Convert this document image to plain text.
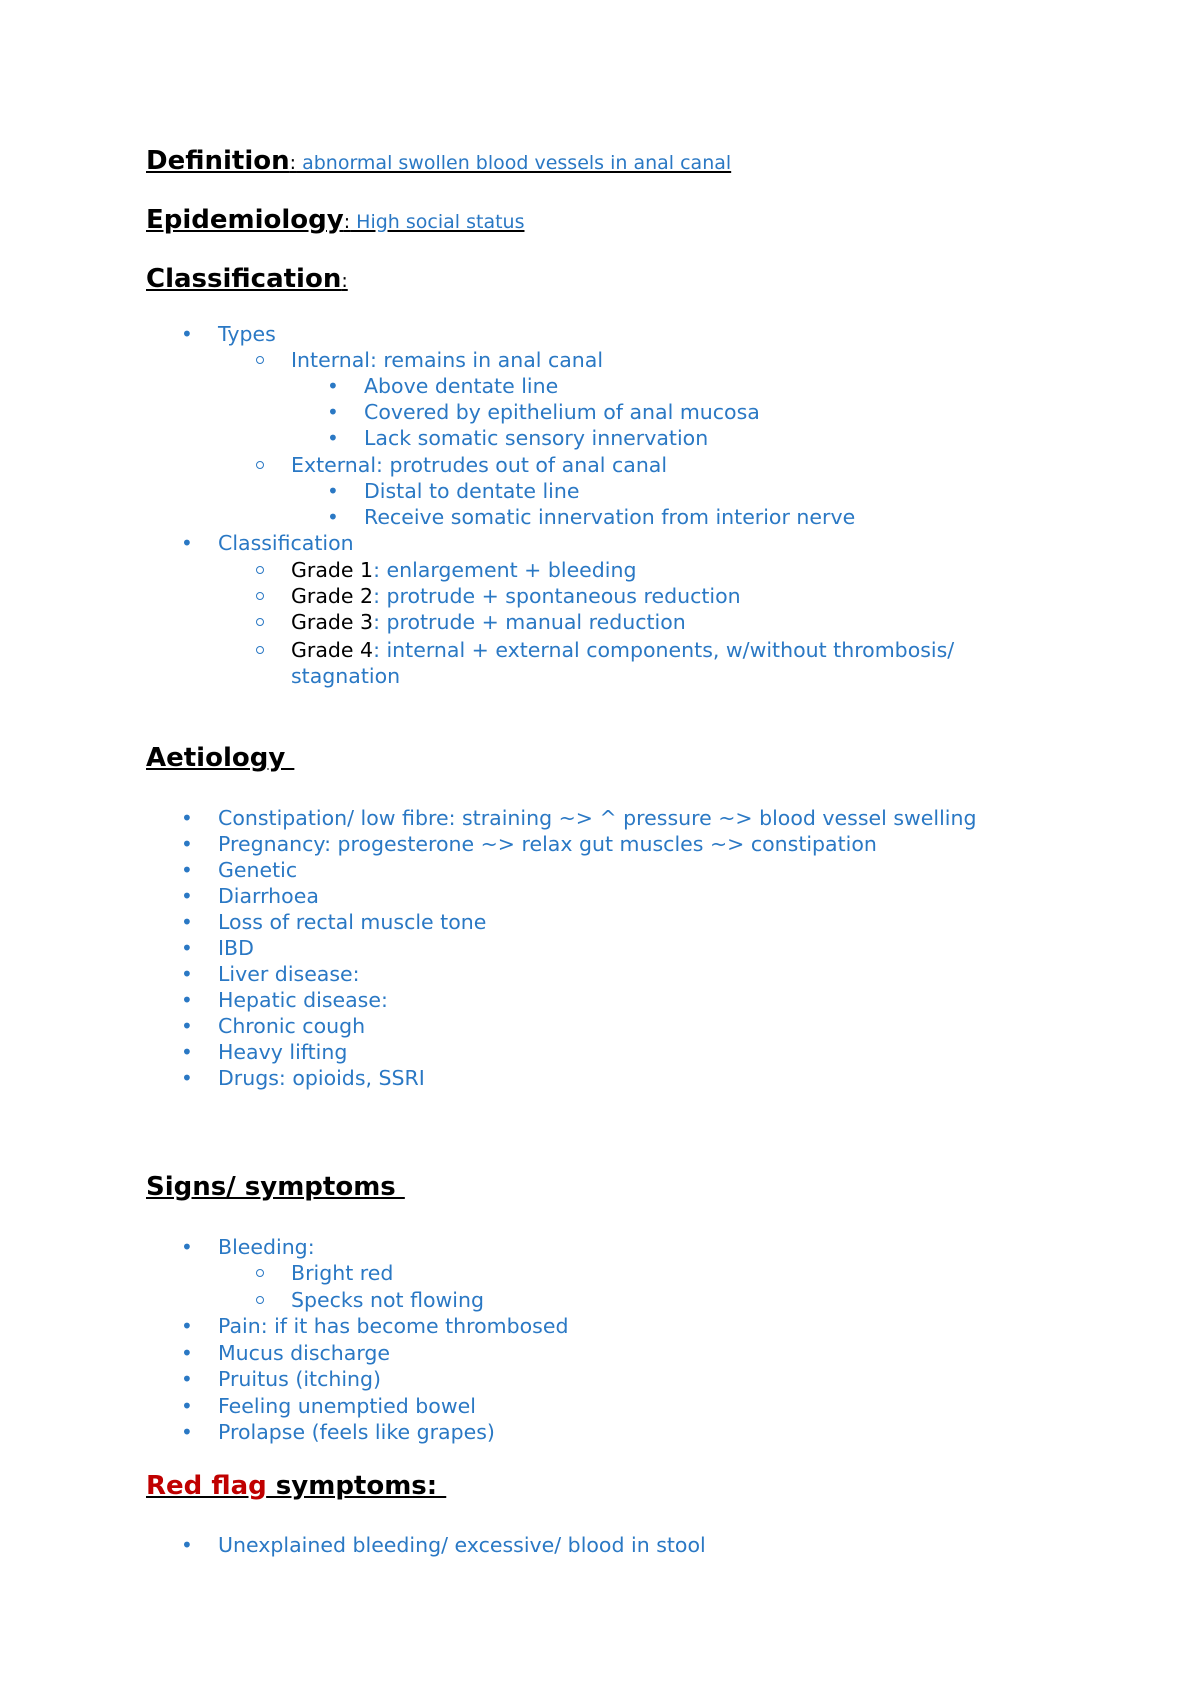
Definition: abnormal swollen blood vessels in anal canal
Epidemiology: High social status
Classification:
• Types
Internal: remains in anal canal
• Above dentate line
• Covered by epithelium of anal mucosa
• Lack somatic sensory innervation
External: protrudes out of anal canal
• Distal to dentate line
• Receive somatic innervation from interior nerve
• Classification
Grade 1: enlargement + bleeding
Grade 2: protrude + spontaneous reduction
Grade 3: protrude + manual reduction
Grade 4: internal + external components, w/without thrombosis/
stagnation
Aetiology
• Constipation/ low fibre: straining ~> ^ pressure ~> blood vessel swelling
• Pregnancy: progesterone ~> relax gut muscles ~> constipation
• Genetic
• Diarrhoea
• Loss of rectal muscle tone
• IBD
• Liver disease:
• Hepatic disease:
• Chronic cough
• Heavy lifting
• Drugs: opioids, SSRI
Signs/ symptoms
• Bleeding:
Bright red
Specks not flowing
• Pain: if it has become thrombosed
• Mucus discharge
• Pruitus (itching)
• Feeling unemptied bowel
• Prolapse (feels like grapes)
Red flag symptoms:
• Unexplained bleeding/ excessive/ blood in stool
